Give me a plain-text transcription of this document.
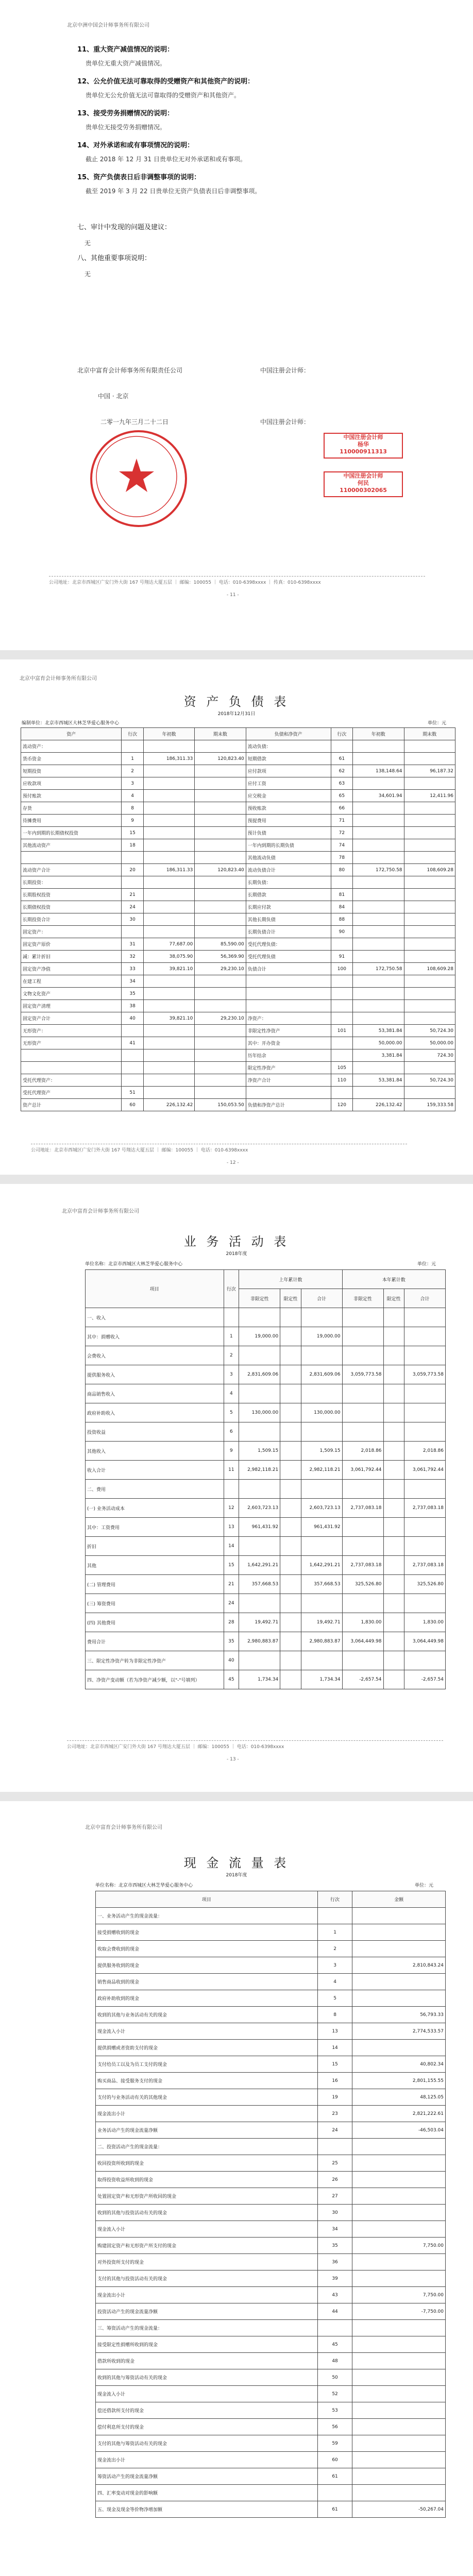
北京中洲中国会计师事务所有限公司
11、重大资产减值情况的说明：
贵单位无重大资产减值情况。
12、公允价值无法可靠取得的受赠资产和其他资产的说明：
贵单位无公允价值无法可靠取得的受赠资产和其他资产。
13、接受劳务捐赠情况的说明：
贵单位无接受劳务捐赠情况。
14、对外承诺和或有事项情况的说明：
截止 2018 年 12 月 31 日贵单位无对外承诺和或有事项。
15、资产负债表日后非调整事项的说明：
截至 2019 年 3 月 22 日贵单位无资产负债表日后非调整事项。
七、审计中发现的问题及建议：
无
八、其他重要事项说明：
无
北京中富育会计师事务所有限责任公司	中国注册会计师：
中国 · 北京
二零一九年三月二十二日	中国注册会计师：
中国注册会计师
杨华
110000911313
中国注册会计师
何民
110000302065
公司地址：北京市西城区广安门外大街 167 号翔达大厦五层 ｜ 邮编：100055 ｜ 电话：010-6398xxxx ｜ 传真：010-6398xxxx
- 11 -
北京中富育会计师事务所有限公司
资 产 负 债 表
2018年12月31日
编制单位：北京市西城区大林芝华爱心服务中心	单位：元
资产	行次	年初数	期末数	负债和净资产	行次	年初数	期末数
流动资产：				流动负债：			
货币资金	1	186,311.33	120,823.40	短期借款	61		
短期投资	2			应付款项	62	138,148.64	96,187.32
应收款项	3			应付工资	63		
预付账款	4			应交税金	65	34,601.94	12,411.96
存货	8			预收账款	66		
待摊费用	9			预提费用	71		
一年内到期的长期债权投资	15			预计负债	72		
其他流动资产	18			一年内到期的长期负债	74		
				其他流动负债	78		
流动资产合计	20	186,311.33	120,823.40	流动负债合计	80	172,750.58	108,609.28
长期投资：				长期负债：			
长期股权投资	21			长期借款	81		
长期债权投资	24			长期应付款	84		
长期投资合计	30			其他长期负债	88		
固定资产：				长期负债合计	90		
固定资产原价	31	77,687.00	85,590.00	受托代理负债：			
减：累计折旧	32	38,075.90	56,369.90	受托代理负债	91		
固定资产净值	33	39,821.10	29,230.10	负债合计	100	172,750.58	108,609.28
在建工程	34						
文物文化资产	35						
固定资产清理	38						
固定资产合计	40	39,821.10	29,230.10	净资产：			
无形资产：				非限定性净资产	101	53,381.84	50,724.30
无形资产	41			其中：开办资金		50,000.00	50,000.00
				历年结余		3,381.84	724.30
				限定性净资产	105		
受托代理资产：				净资产合计	110	53,381.84	50,724.30
受托代理资产	51						
资产总计	60	226,132.42	150,053.50	负债和净资产总计	120	226,132.42	159,333.58
公司地址：北京市西城区广安门外大街 167 号翔达大厦五层 ｜ 邮编：100055 ｜ 电话：010-6398xxxx
- 12 -
北京中富育会计师事务所有限公司
业 务 活 动 表
2018年度
单位名称：北京市西城区大林芝华爱心服务中心	单位：元
项目	行次	上年累计数			本年累计数		
		非限定性	限定性	合计	非限定性	限定性	合计
一、收入							
其中：捐赠收入	1	19,000.00		19,000.00			
会费收入	2						
提供服务收入	3	2,831,609.06		2,831,609.06	3,059,773.58		3,059,773.58
商品销售收入	4						
政府补助收入	5	130,000.00		130,000.00			
投资收益	6						
其他收入	9	1,509.15		1,509.15	2,018.86		2,018.86
收入合计	11	2,982,118.21		2,982,118.21	3,061,792.44		3,061,792.44
二、费用							
(一) 业务活动成本	12	2,603,723.13		2,603,723.13	2,737,083.18		2,737,083.18
其中：工资费用	13	961,431.92		961,431.92			
折旧	14						
其他	15	1,642,291.21		1,642,291.21	2,737,083.18		2,737,083.18
(二) 管理费用	21	357,668.53		357,668.53	325,526.80		325,526.80
(三) 筹资费用	24						
(四) 其他费用	28	19,492.71		19,492.71	1,830.00		1,830.00
费用合计	35	2,980,883.87		2,980,883.87	3,064,449.98		3,064,449.98
三、限定性净资产转为非限定性净资产	40						
四、净资产变动额（若为净资产减少额，以"-"号填列）	45	1,734.34		1,734.34	-2,657.54		-2,657.54
公司地址：北京市西城区广安门外大街 167 号翔达大厦五层 ｜ 邮编：100055 ｜ 电话：010-6398xxxx
- 13 -
北京中富育会计师事务所有限公司
现 金 流 量 表
2018年度
单位名称：北京市西城区大林芝华爱心服务中心	单位：元
项目	行次	金额
一、业务活动产生的现金流量：		
接受捐赠收到的现金	1	
收取会费收到的现金	2	
提供服务收到的现金	3	2,810,843.24
销售商品收到的现金	4	
政府补助收到的现金	5	
收到的其他与业务活动有关的现金	8	56,793.33
现金流入小计	13	2,774,533.57
提供捐赠或者资助支付的现金	14	
支付给员工以及为员工支付的现金	15	40,802.34
购买商品、接受服务支付的现金	16	2,801,155.55
支付的与业务活动有关的其他现金	19	48,125.05
现金流出小计	23	2,821,222.61
业务活动产生的现金流量净额	24	-46,503.04
二、投资活动产生的现金流量：		
收回投资所收到的现金	25	
取得投资收益所收到的现金	26	
处置固定资产和无形资产所收回的现金	27	
收到的其他与投资活动有关的现金	30	
现金流入小计	34	
购建固定资产和无形资产所支付的现金	35	7,750.00
对外投资所支付的现金	36	
支付的其他与投资活动有关的现金	39	
现金流出小计	43	7,750.00
投资活动产生的现金流量净额	44	-7,750.00
三、筹资活动产生的现金流量：		
接受限定性捐赠所收到的现金	45	
借款所收到的现金	48	
收到的其他与筹资活动有关的现金	50	
现金流入小计	52	
偿还借款所支付的现金	53	
偿付利息所支付的现金	56	
支付的其他与筹资活动有关的现金	59	
现金流出小计	60	
筹资活动产生的现金流量净额	61	
四、汇率变动对现金的影响额		
五、现金及现金等价物净增加额	61	-50,267.04
